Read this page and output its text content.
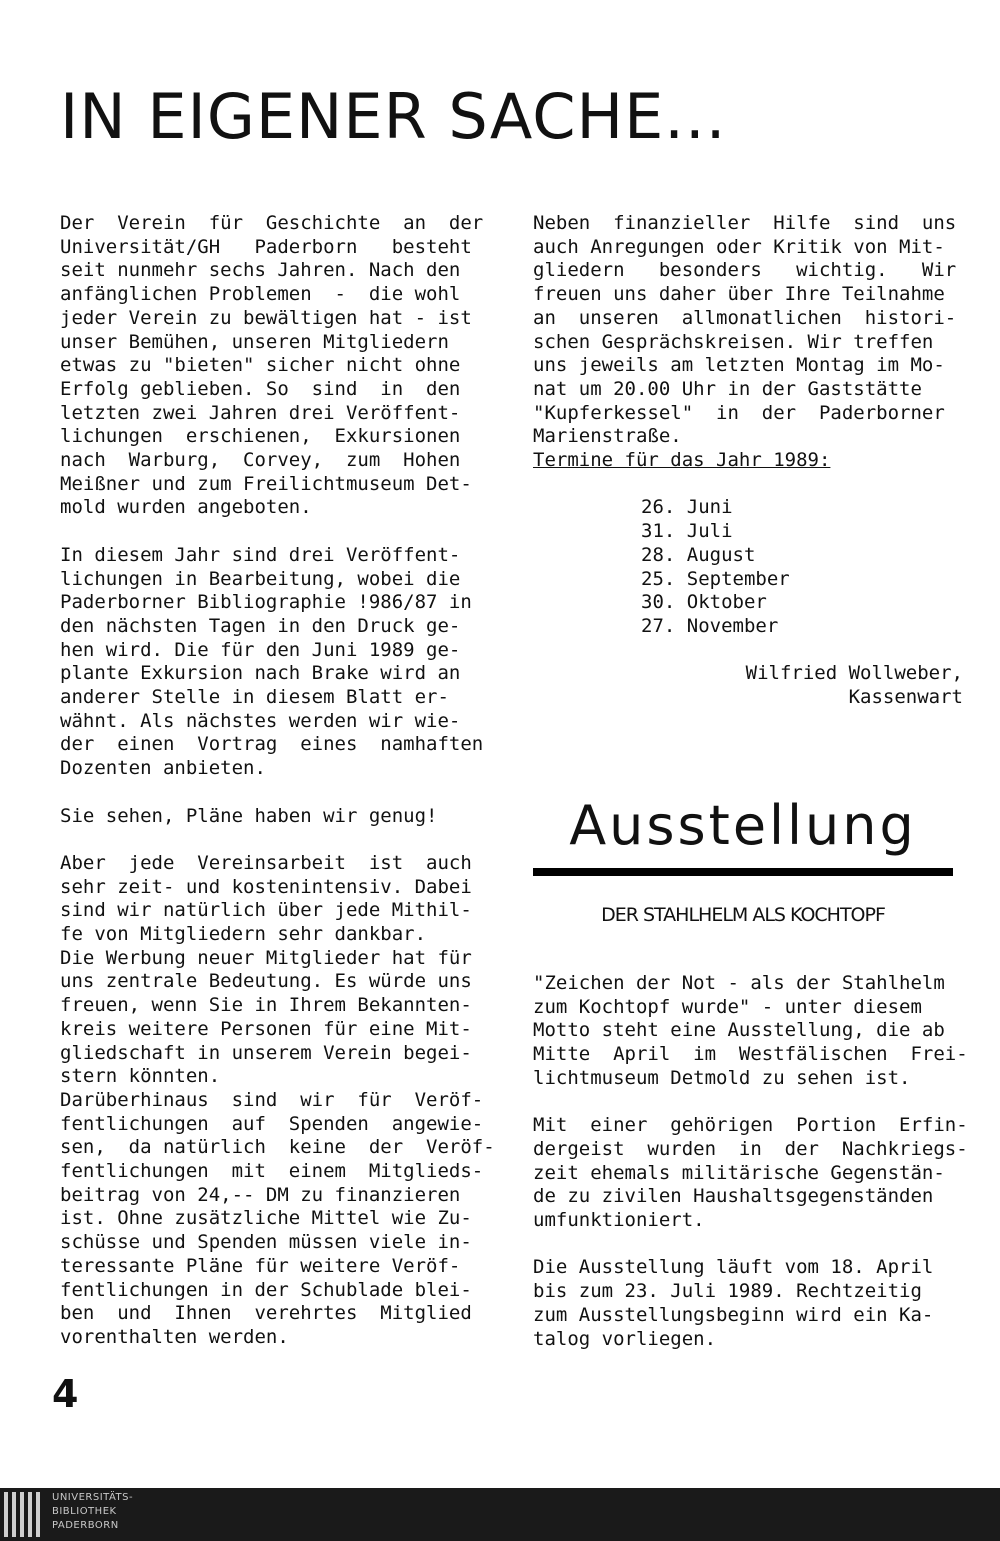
IN EIGENER SACHE...

Der  Verein  für  Geschichte  an  der

Universität/GH   Paderborn   besteht

seit nunmehr sechs Jahren. Nach den

anfänglichen Problemen  -  die wohl

jeder Verein zu bewältigen hat - ist

unser Bemühen, unseren Mitgliedern

etwas zu "bieten" sicher nicht ohne

Erfolg geblieben. So  sind  in  den

letzten zwei Jahren drei Veröffent-

lichungen  erschienen,  Exkursionen

nach  Warburg,  Corvey,  zum  Hohen

Meißner und zum Freilichtmuseum Det-

mold wurden angeboten.

In diesem Jahr sind drei Veröffent-

lichungen in Bearbeitung, wobei die

Paderborner Bibliographie !986/87 in

den nächsten Tagen in den Druck ge-

hen wird. Die für den Juni 1989 ge-

plante Exkursion nach Brake wird an

anderer Stelle in diesem Blatt er-

wähnt. Als nächstes werden wir wie-

der  einen  Vortrag  eines  namhaften

Dozenten anbieten.

Sie sehen, Pläne haben wir genug!

Aber  jede  Vereinsarbeit  ist  auch

sehr zeit- und kostenintensiv. Dabei

sind wir natürlich über jede Mithil-

fe von Mitgliedern sehr dankbar.

Die Werbung neuer Mitglieder hat für

uns zentrale Bedeutung. Es würde uns

freuen, wenn Sie in Ihrem Bekannten-

kreis weitere Personen für eine Mit-

gliedschaft in unserem Verein begei-

stern könnten.

Darüberhinaus  sind  wir  für  Veröf-

fentlichungen  auf  Spenden  angewie-

sen,  da natürlich  keine  der  Veröf-

fentlichungen  mit  einem  Mitglieds-

beitrag von 24,-- DM zu finanzieren

ist. Ohne zusätzliche Mittel wie Zu-

schüsse und Spenden müssen viele in-

teressante Pläne für weitere Veröf-

fentlichungen in der Schublade blei-

ben  und  Ihnen  verehrtes  Mitglied

vorenthalten werden.

Neben  finanzieller  Hilfe  sind  uns

auch Anregungen oder Kritik von Mit-

gliedern   besonders   wichtig.   Wir

freuen uns daher über Ihre Teilnahme

an  unseren  allmonatlichen  histori-

schen Gesprächskreisen. Wir treffen

uns jeweils am letzten Montag im Mo-

nat um 20.00 Uhr in der Gaststätte

"Kupferkessel"  in  der  Paderborner

Marienstraße.

Termine für das Jahr 1989:

26. Juni

31. Juli

28. August

25. September

30. Oktober

27. November

Wilfried Wollweber,

Kassenwart

Ausstellung

DER STAHLHELM ALS KOCHTOPF

"Zeichen der Not - als der Stahlhelm

zum Kochtopf wurde" - unter diesem

Motto steht eine Ausstellung, die ab

Mitte  April  im  Westfälischen  Frei-

lichtmuseum Detmold zu sehen ist.

Mit  einer  gehörigen  Portion  Erfin-

dergeist  wurden  in  der  Nachkriegs-

zeit ehemals militärische Gegenstän-

de zu zivilen Haushaltsgegenständen

umfunktioniert.

Die Ausstellung läuft vom 18. April

bis zum 23. Juli 1989. Rechtzeitig

zum Ausstellungsbeginn wird ein Ka-

talog vorliegen.

4
UNIVERSITÄTS-
BIBLIOTHEK
PADERBORN
